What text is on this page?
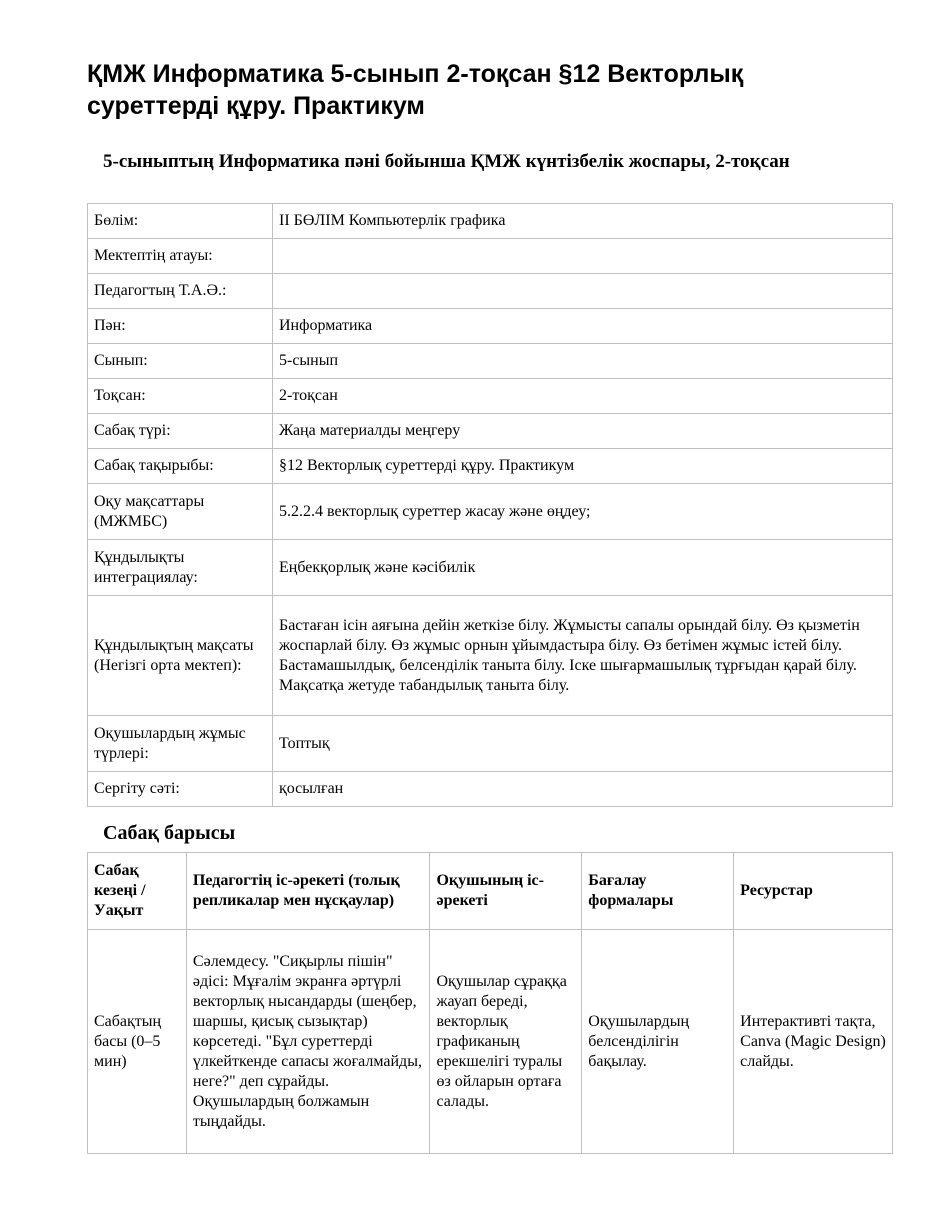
ҚМЖ Информатика 5-сынып 2-тоқсан §12 Векторлық суреттерді құру. Практикум
5-сыныптың Информатика пәні бойынша ҚМЖ күнтізбелік жоспары, 2-тоқсан
Бөлім:	ІІ БӨЛІМ Компьютерлік графика
Мектептің атауы:	
Педагогтың Т.А.Ә.:	
Пән:	Информатика
Сынып:	5-сынып
Тоқсан:	2-тоқсан
Сабақ түрі:	Жаңа материалды меңгеру
Сабақ тақырыбы:	§12 Векторлық суреттерді құру. Практикум
Оқу мақсаттары (МЖМБС)	5.2.2.4 векторлық суреттер жасау және өңдеу;
Құндылықты интеграциялау:	Еңбекқорлық және кәсібилік
Құндылықтың мақсаты (Негізгі орта мектеп):	Бастаған ісін аяғына дейін жеткізе білу. Жұмысты сапалы орындай білу. Өз қызметін жоспарлай білу. Өз жұмыс орнын ұйымдастыра білу. Өз бетімен жұмыс істей білу. Бастамашылдық, белсенділік таныта білу. Іске шығармашылық тұрғыдан қарай білу. Мақсатқа жетуде табандылық таныта білу.
Оқушылардың жұмыс түрлері:	Топтық
Сергіту сәті:	қосылған
Сабақ барысы
Сабақ кезеңі / Уақыт	Педагогтің іс-әрекеті (толық репликалар мен нұсқаулар)	Оқушының іс-әрекеті	Бағалау формалары	Ресурстар
Сабақтың басы (0–5 мин)	Сәлемдесу. "Сиқырлы пішін" әдісі: Мұғалім экранға әртүрлі векторлық нысандарды (шеңбер, шаршы, қисық сызықтар) көрсетеді. "Бұл суреттерді үлкейткенде сапасы жоғалмайды, неге?" деп сұрайды. Оқушылардың болжамын тыңдайды.	Оқушылар сұраққа жауап береді, векторлық графиканың ерекшелігі туралы өз ойларын ортаға салады.	Оқушылардың белсенділігін бақылау.	Интерактивті тақта, Canva (Magic Design) слайды.
